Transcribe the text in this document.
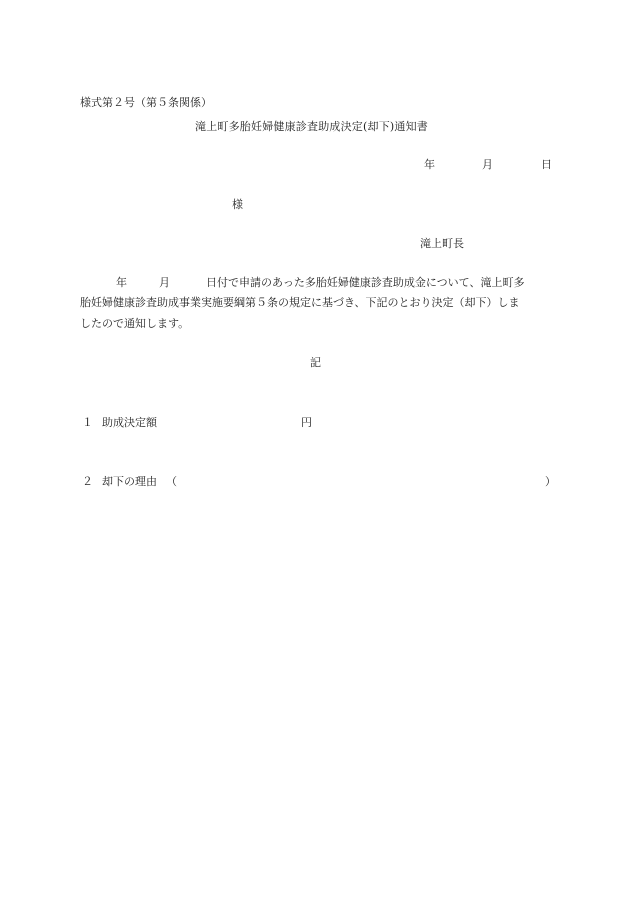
様式第２号（第５条関係）

滝上町多胎妊婦健康診査助成決定(却下)通知書

年	月	日
様
滝上町長
年	月	日付で申請のあった多胎妊婦健康診査助成金について、滝上町多

胎妊婦健康診査助成事業実施要綱第５条の規定に基づき、下記のとおり決定（却下）しま

したので通知します。

記
１ 助成決定額	円
２ 却下の理由 （	）
